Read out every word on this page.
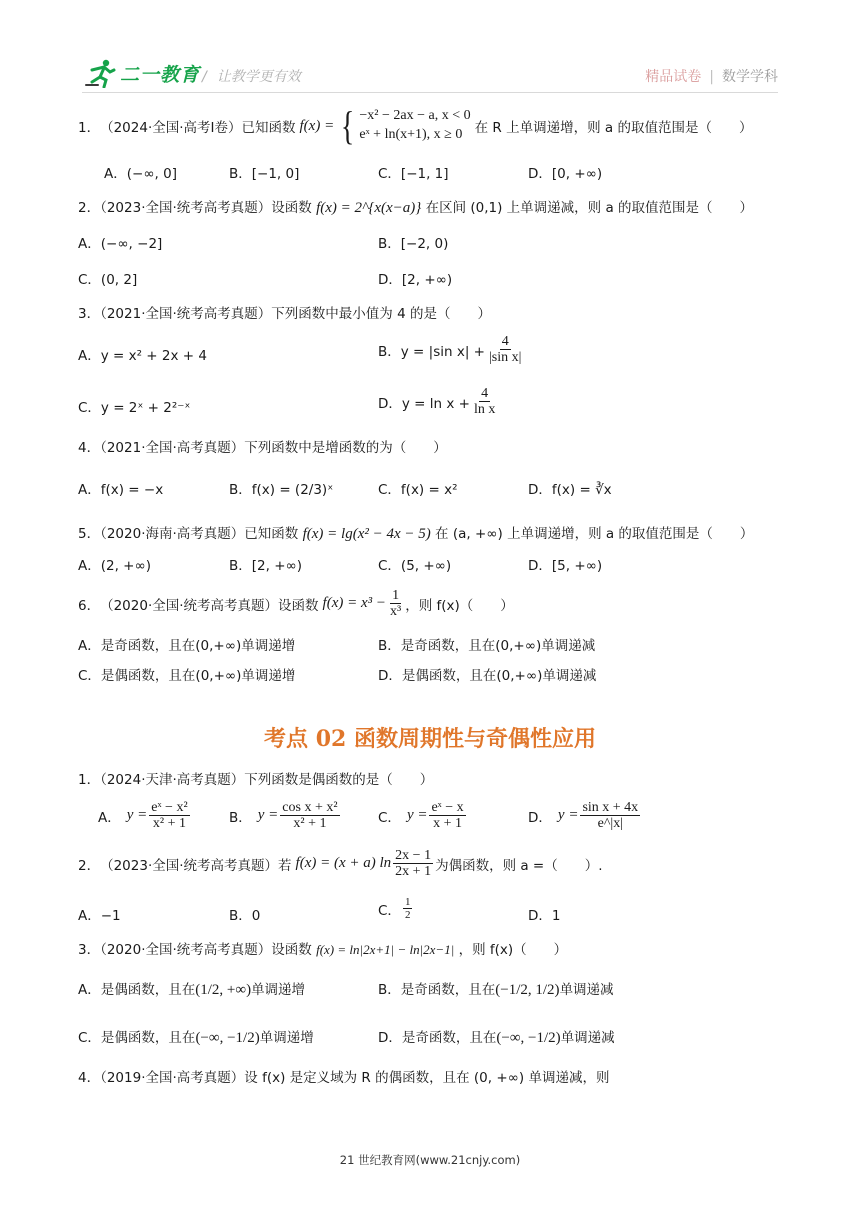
二一教育 / 让教学更有效	精品试卷 | 数学学科
1． （2024·全国·高考Ⅰ卷）已知函数 f(x) = { −x² − 2ax − a, x < 0
eˣ + ln(x+1), x ≥ 0 在 R 上单调递增，则 a 的取值范围是（　　）
A．(−∞, 0]	B．[−1, 0]	C．[−1, 1]	D．[0, +∞)
2．（2023·全国·统考高考真题）设函数 f(x) = 2^{x(x−a)} 在区间 (0,1) 上单调递减，则 a 的取值范围是（　　）
A．(−∞, −2]	B．[−2, 0)
C．(0, 2]	D．[2, +∞)
3．（2021·全国·统考高考真题）下列函数中最小值为 4 的是（　　）
A．y = x² + 2x + 4	B．y = |sin $x| + \frac{4}{\text{|sin x|}}$
C．y = 2ˣ + 2²⁻ˣ	D．$y = \ln x + \frac{4}{\text{ln x}}$
4．（2021·全国·高考真题）下列函数中是增函数的为（　　）
A．f(x) = −x	B．f(x) = (2/3)ˣ	C．f(x) = x²	D．f(x) = ∛x
5．（2020·海南·高考真题）已知函数 f(x) = lg(x² − 4x − 5) 在 (a, +∞) 上单调递增，则 a 的取值范围是（　　）
A．(2, +∞)	B．[2, +∞)	C．(5, +∞)	D．[5, +∞)
6． （2020·全国·统考高考真题）设函数 $f(x) = x^3 - \frac{1}{\text{x³}}$ ，则 f(x)（　　）
A．是奇函数，且在(0,+∞)单调递增	B．是奇函数，且在(0,+∞)单调递减
C．是偶函数，且在(0,+∞)单调递增	D．是偶函数，且在(0,+∞)单调递减
考点 02 函数周期性与奇偶性应用
1．（2024·天津·高考真题）下列函数是偶函数的是（　　）
A． $y = \frac{\text{eˣ − x²}}{\text{x² + 1}}$	B． $y = \frac{\text{cos x + x²}}{\text{x² + 1}}$	C． $y = \frac{\text{eˣ − x}}{x + 1}$	D． $y = \frac{\text{sin x + 4x}}{e\^{}|x|}$
2． （2023·全国·统考高考真题）若 f(x) = (x + a) $\ln \frac{2x - 1}{2x + 1}$ 为偶函数，则 a =（　　）.
A．−1	B．0	C． $\frac{1}{2}$	D．1
3．（2020·全国·统考高考真题）设函数 f(x) = ln|2x+1| − ln|2x−1| ，则 f(x)（　　）
A．是偶函数，且在(1/2, +∞)单调递增	B．是奇函数，且在(−1/2, 1/2)单调递减
C．是偶函数，且在(−∞, −1/2)单调递增	D．是奇函数，且在(−∞, −1/2)单调递减
4．（2019·全国·高考真题）设 f(x) 是定义域为 R 的偶函数，且在 (0, +∞) 单调递减，则
21 世纪教育网(www.21cnjy.com)
